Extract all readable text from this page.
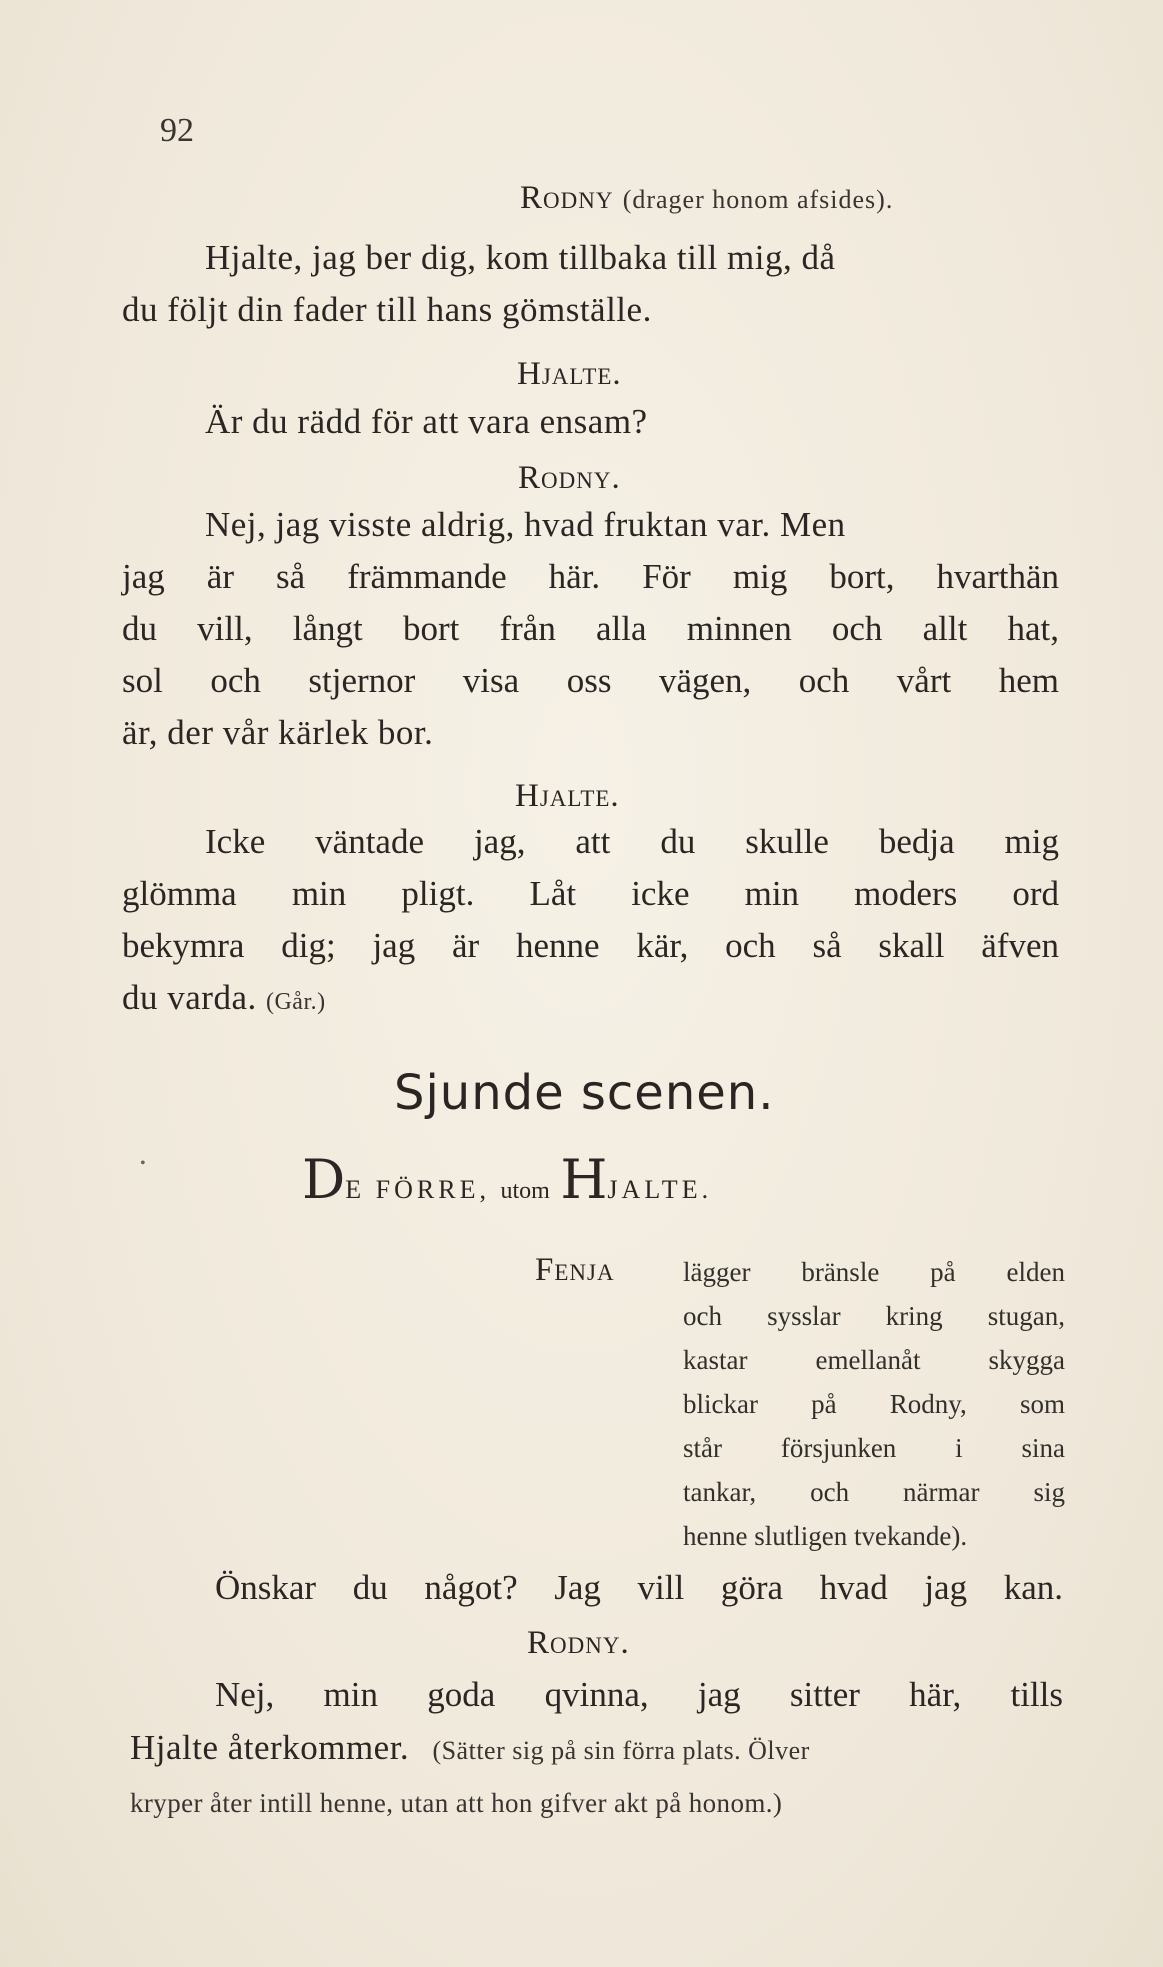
92
Rodny (drager honom afsides).
Hjalte, jag ber dig, kom tillbaka till mig, då
du följt din fader till hans gömställe.
Hjalte.
Är du rädd för att vara ensam?
Rodny.
Nej, jag visste aldrig, hvad fruktan var. Men
jag är så främmande här. För mig bort, hvarthän
du vill, långt bort från alla minnen och allt hat,
sol och stjernor visa oss vägen, och vårt hem
är, der vår kärlek bor.
Hjalte.
Icke väntade jag, att du skulle bedja mig
glömma min pligt. Låt icke min moders ord
bekymra dig; jag är henne kär, och så skall äfven
du varda. (Går.)
Sjunde scenen.
•	DE FÖRRE, utom HJALTE.
Fenja	lägger bränsle på elden
och sysslar kring stugan,
kastar emellanåt skygga
blickar på Rodny, som
står försjunken i sina
tankar, och närmar sig
henne slutligen tvekande).
Önskar du något? Jag vill göra hvad jag kan.
Rodny.
Nej, min goda qvinna, jag sitter här, tills
Hjalte återkommer. (Sätter sig på sin förra plats. Ölver
kryper åter intill henne, utan att hon gifver akt på honom.)
